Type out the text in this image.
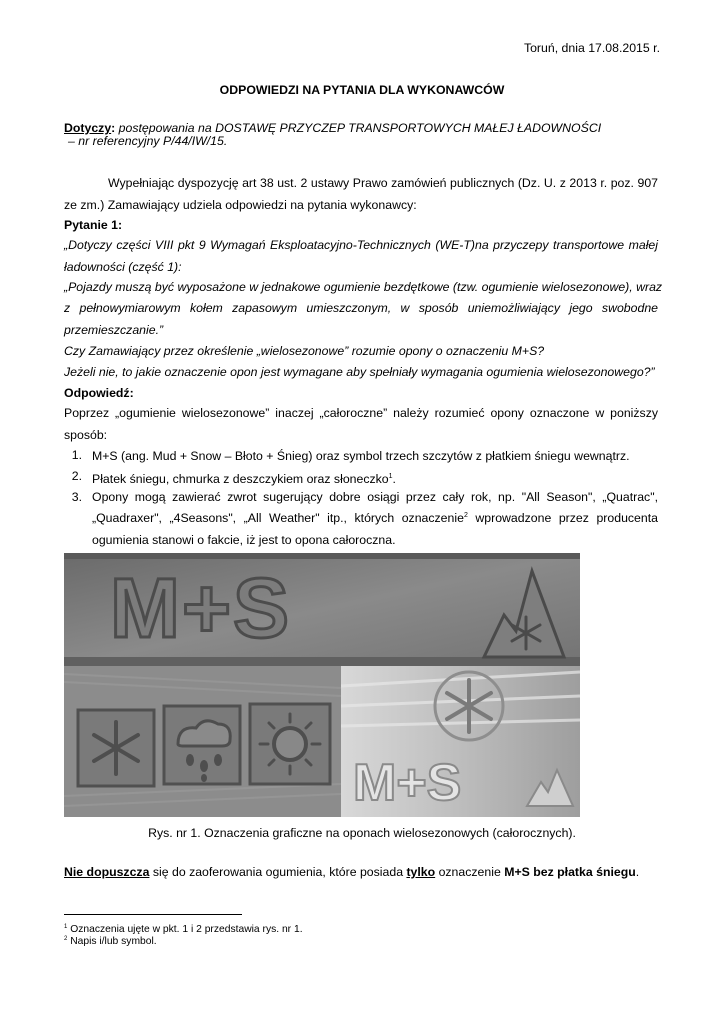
Toruń, dnia 17.08.2015 r.
ODPOWIEDZI NA PYTANIA DLA WYKONAWCÓW
Dotyczy: postępowania na DOSTAWĘ PRZYCZEP TRANSPORTOWYCH MAŁEJ ŁADOWNOŚCI
– nr referencyjny P/44/IW/15.
Wypełniając dyspozycję art 38 ust. 2 ustawy Prawo zamówień publicznych (Dz. U. z 2013 r. poz. 907
ze zm.) Zamawiający udziela odpowiedzi na pytania wykonawcy:
Pytanie 1:
„Dotyczy części VIII pkt 9 Wymagań Eksploatacyjno-Technicznych (WE-T)na przyczepy transportowe małej
ładowności (część 1):
„Pojazdy muszą być wyposażone w jednakowe ogumienie bezdętkowe (tzw. ogumienie wielosezonowe), wraz
z pełnowymiarowym kołem zapasowym umieszczonym, w sposób uniemożliwiający jego swobodne
przemieszczanie.”
Czy Zamawiający przez określenie „wielosezonowe” rozumie opony o oznaczeniu M+S?
Jeżeli nie, to jakie oznaczenie opon jest wymagane aby spełniały wymagania ogumienia wielosezonowego?”
Odpowiedź:
Poprzez „ogumienie wielosezonowe” inaczej „całoroczne” należy rozumieć opony oznaczone w poniższy
sposób:
1. M+S (ang. Mud + Snow – Błoto + Śnieg) oraz symbol trzech szczytów z płatkiem śniegu wewnątrz.
2. Płatek śniegu, chmurka z deszczykiem oraz słoneczko$^1$.
3. Opony mogą zawierać zwrot sugerujący dobre osiągi przez cały rok, np. "All Season", „Quatrac",
„Quadraxer", „4Seasons", „All Weather" itp., których oznaczenie$^2$ wprowadzone przez producenta
ogumienia stanowi o fakcie, iż jest to opona całoroczna.
M+S
M+S
Rys. nr 1. Oznaczenia graficzne na oponach wielosezonowych (całorocznych).
Nie dopuszcza się do zaoferowania ogumienia, które posiada tylko oznaczenie M+S bez płatka śniegu.
$^1$ Oznaczenia ujęte w pkt. 1 i 2 przedstawia rys. nr 1.
$^2$ Napis i/lub symbol.
